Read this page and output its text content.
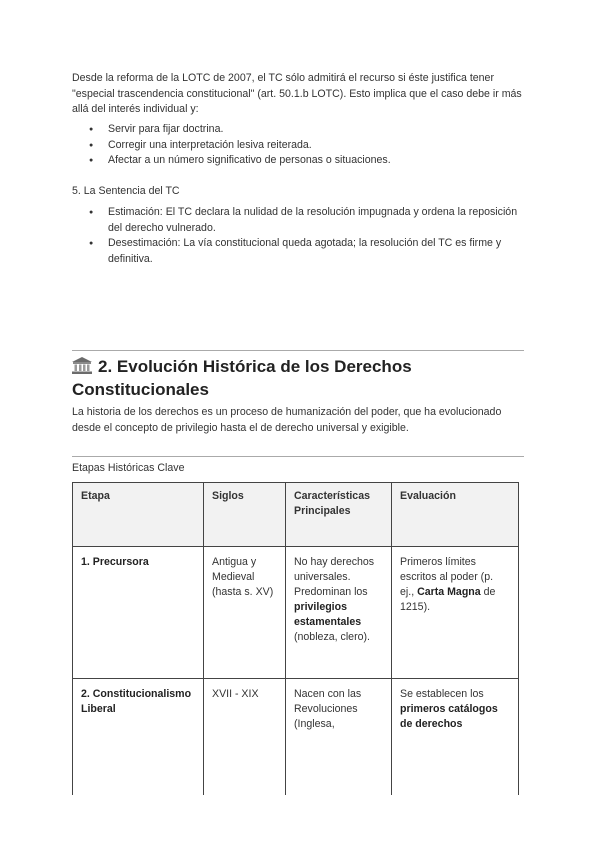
Desde la reforma de la LOTC de 2007, el TC sólo admitirá el recurso si éste justifica tener "especial trascendencia constitucional" (art. 50.1.b LOTC). Esto implica que el caso debe ir más allá del interés individual y:
● Servir para fijar doctrina.
● Corregir una interpretación lesiva reiterada.
● Afectar a un número significativo de personas o situaciones.
5. La Sentencia del TC
● Estimación: El TC declara la nulidad de la resolución impugnada y ordena la reposición del derecho vulnerado.
● Desestimación: La vía constitucional queda agotada; la resolución del TC es firme y definitiva.
2. Evolución Histórica de los Derechos Constitucionales
La historia de los derechos es un proceso de humanización del poder, que ha evolucionado desde el concepto de privilegio hasta el de derecho universal y exigible.
Etapas Históricas Clave
Etapa	Siglos	Características Principales	Evaluación
1. Precursora	Antigua y Medieval (hasta s. XV)	No hay derechos universales. Predominan los privilegios estamentales (nobleza, clero).	Primeros límites escritos al poder (p. ej., Carta Magna de 1215).
2. Constitucionalismo Liberal	XVII - XIX	Nacen con las Revoluciones (Inglesa,	Se establecen los primeros catálogos de derechos
